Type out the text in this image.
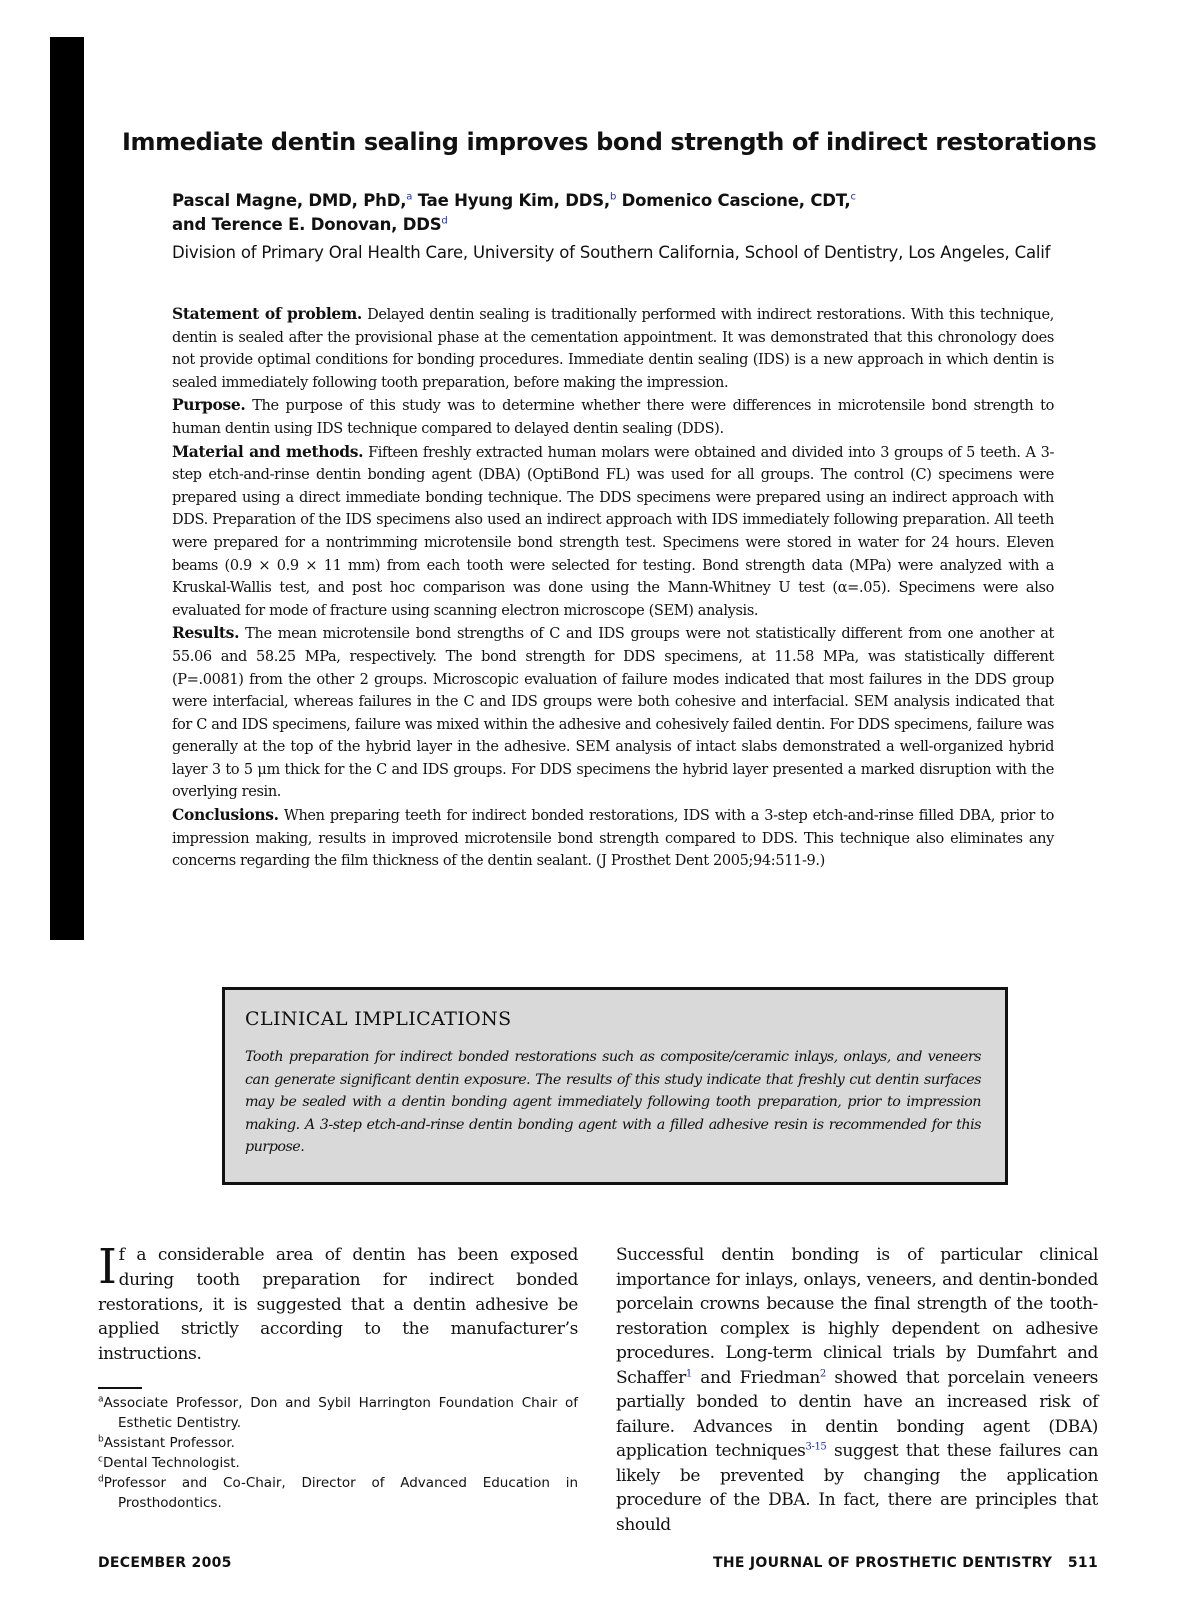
Immediate dentin sealing improves bond strength of indirect restorations
Pascal Magne, DMD, PhD,$^a$ Tae Hyung Kim, DDS,$^b$ Domenico Cascione, CDT,$^c$
and Terence E. Donovan, DDS$^d$
Division of Primary Oral Health Care, University of Southern California, School of Dentistry, Los Angeles, Calif

Statement of problem. Delayed dentin sealing is traditionally performed with indirect restorations. With this technique, dentin is sealed after the provisional phase at the cementation appointment. It was demonstrated that this chronology does not provide optimal conditions for bonding procedures. Immediate dentin sealing (IDS) is a new approach in which dentin is sealed immediately following tooth preparation, before making the impression.

Purpose. The purpose of this study was to determine whether there were differences in microtensile bond strength to human dentin using IDS technique compared to delayed dentin sealing (DDS).

Material and methods. Fifteen freshly extracted human molars were obtained and divided into 3 groups of 5 teeth. A 3-step etch-and-rinse dentin bonding agent (DBA) (OptiBond FL) was used for all groups. The control (C) specimens were prepared using a direct immediate bonding technique. The DDS specimens were prepared using an indirect approach with DDS. Preparation of the IDS specimens also used an indirect approach with IDS immediately following preparation. All teeth were prepared for a nontrimming microtensile bond strength test. Specimens were stored in water for 24 hours. Eleven beams (0.9 × 0.9 × 11 mm) from each tooth were selected for testing. Bond strength data (MPa) were analyzed with a Kruskal-Wallis test, and post hoc comparison was done using the Mann-Whitney U test (α=.05). Specimens were also evaluated for mode of fracture using scanning electron microscope (SEM) analysis.

Results. The mean microtensile bond strengths of C and IDS groups were not statistically different from one another at 55.06 and 58.25 MPa, respectively. The bond strength for DDS specimens, at 11.58 MPa, was statistically different (P=.0081) from the other 2 groups. Microscopic evaluation of failure modes indicated that most failures in the DDS group were interfacial, whereas failures in the C and IDS groups were both cohesive and interfacial. SEM analysis indicated that for C and IDS specimens, failure was mixed within the adhesive and cohesively failed dentin. For DDS specimens, failure was generally at the top of the hybrid layer in the adhesive. SEM analysis of intact slabs demonstrated a well-organized hybrid layer 3 to 5 μm thick for the C and IDS groups. For DDS specimens the hybrid layer presented a marked disruption with the overlying resin.

Conclusions. When preparing teeth for indirect bonded restorations, IDS with a 3-step etch-and-rinse filled DBA, prior to impression making, results in improved microtensile bond strength compared to DDS. This technique also eliminates any concerns regarding the film thickness of the dentin sealant. (J Prosthet Dent 2005;94:511-9.)

CLINICAL IMPLICATIONS
Tooth preparation for indirect bonded restorations such as composite/ceramic inlays, onlays, and veneers can generate significant dentin exposure. The results of this study indicate that freshly cut dentin surfaces may be sealed with a dentin bonding agent immediately following tooth preparation, prior to impression making. A 3-step etch-and-rinse dentin bonding agent with a filled adhesive resin is recommended for this purpose.
If a considerable area of dentin has been exposed during tooth preparation for indirect bonded restorations, it is suggested that a dentin adhesive be applied strictly according to the manufacturer’s instructions.
$^a$Associate Professor, Don and Sybil Harrington Foundation Chair of Esthetic Dentistry.
$^b$Assistant Professor.
$^c$Dental Technologist.
$^d$Professor and Co-Chair, Director of Advanced Education in Prosthodontics.
Successful dentin bonding is of particular clinical importance for inlays, onlays, veneers, and dentin-bonded porcelain crowns because the final strength of the tooth-restoration complex is highly dependent on adhesive procedures. Long-term clinical trials by Dumfahrt and Schaffer$^1$ and Friedman$^2$ showed that porcelain veneers partially bonded to dentin have an increased risk of failure. Advances in dentin bonding agent (DBA) application techniques$^{3-15}$ suggest that these failures can likely be prevented by changing the application procedure of the DBA. In fact, there are principles that should

DECEMBER 2005	THE JOURNAL OF PROSTHETIC DENTISTRY 511
